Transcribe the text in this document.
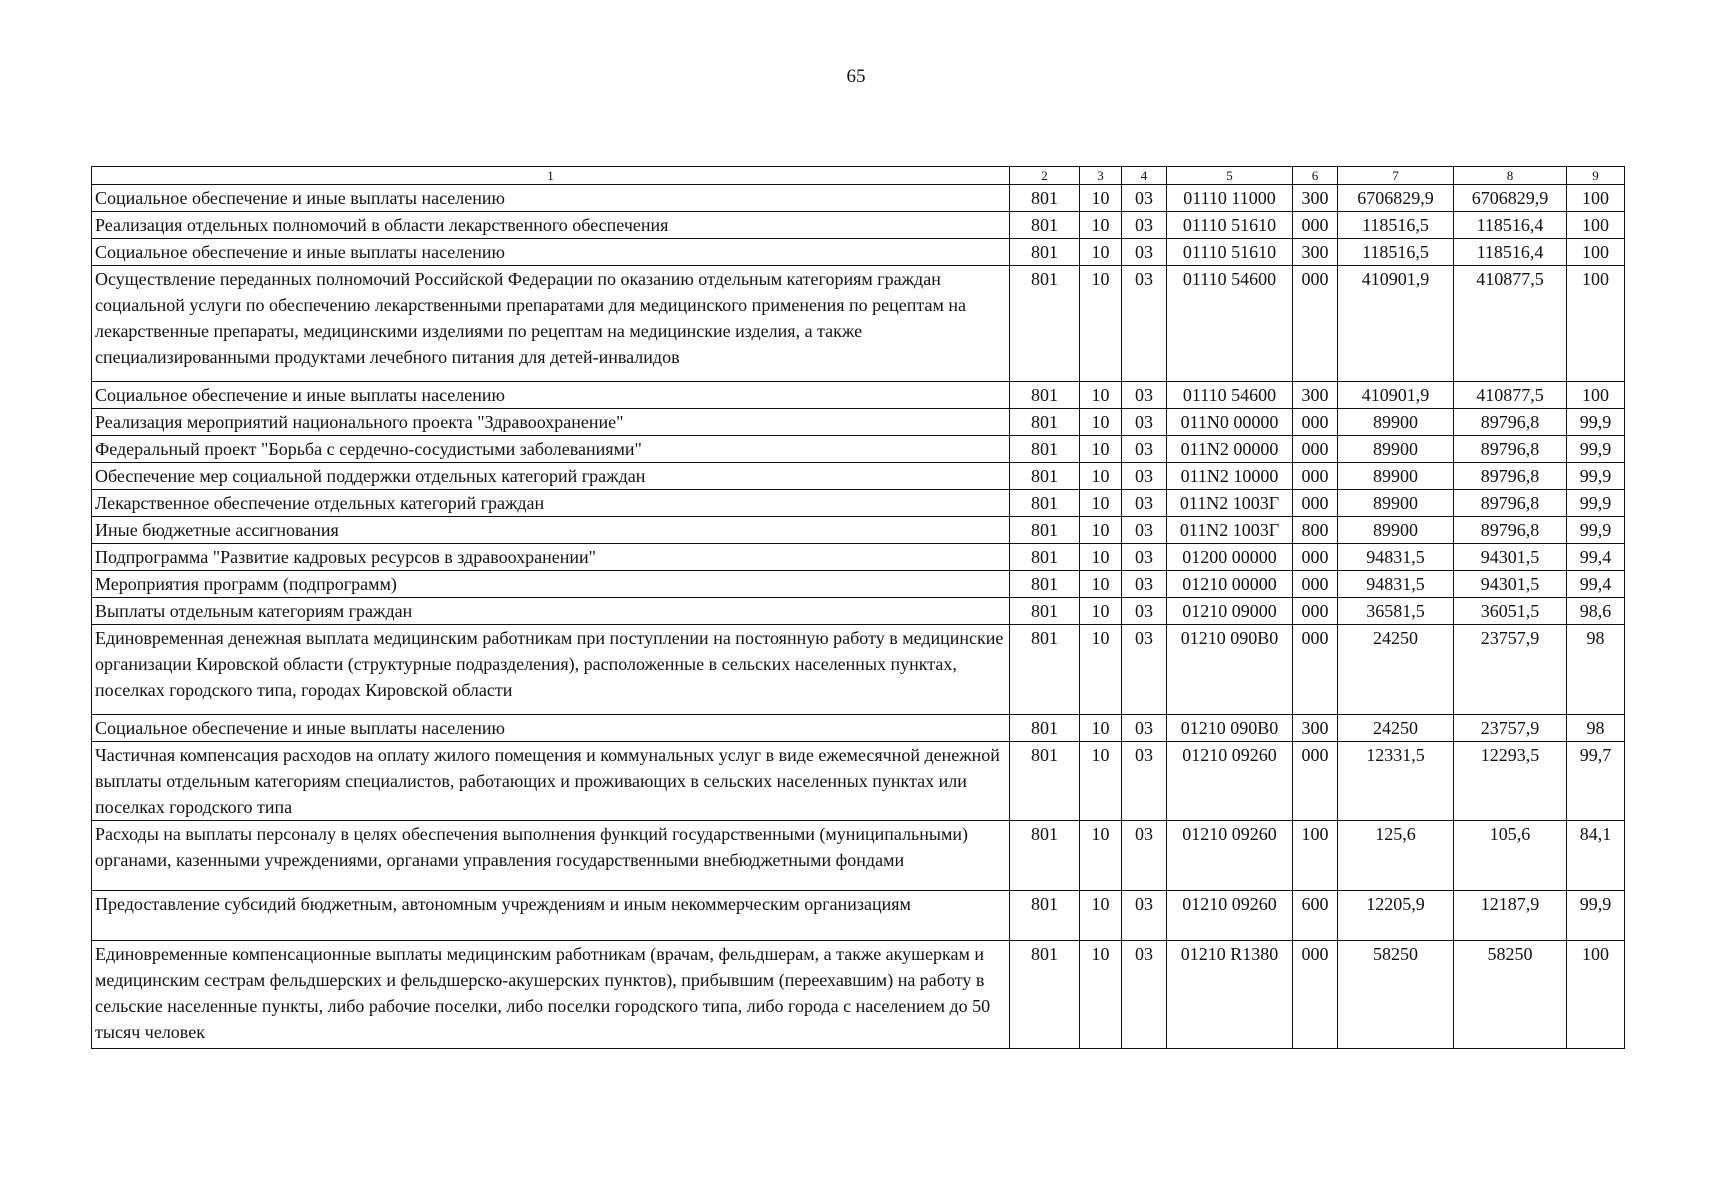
65
1	2	3	4	5	6	7	8	9
Социальное обеспечение и иные выплаты населению	801	10	03	01110 11000	300	6706829,9	6706829,9	100
Реализация отдельных полномочий в области лекарственного обеспечения	801	10	03	01110 51610	000	118516,5	118516,4	100
Социальное обеспечение и иные выплаты населению	801	10	03	01110 51610	300	118516,5	118516,4	100
Осуществление переданных полномочий Российской Федерации по оказанию отдельным категориям граждан социальной услуги по обеспечению лекарственными препаратами для медицинского применения по рецептам на лекарственные препараты, медицинскими изделиями по рецептам на медицинские изделия, а также специализированными продуктами лечебного питания для детей-инвалидов	801	10	03	01110 54600	000	410901,9	410877,5	100
Социальное обеспечение и иные выплаты населению	801	10	03	01110 54600	300	410901,9	410877,5	100
Реализация мероприятий национального проекта "Здравоохранение"	801	10	03	011N0 00000	000	89900	89796,8	99,9
Федеральный проект "Борьба с сердечно-сосудистыми заболеваниями"	801	10	03	011N2 00000	000	89900	89796,8	99,9
Обеспечение мер социальной поддержки отдельных категорий граждан	801	10	03	011N2 10000	000	89900	89796,8	99,9
Лекарственное обеспечение отдельных категорий граждан	801	10	03	011N2 1003Г	000	89900	89796,8	99,9
Иные бюджетные ассигнования	801	10	03	011N2 1003Г	800	89900	89796,8	99,9
Подпрограмма "Развитие кадровых ресурсов в здравоохранении"	801	10	03	01200 00000	000	94831,5	94301,5	99,4
Мероприятия программ (подпрограмм)	801	10	03	01210 00000	000	94831,5	94301,5	99,4
Выплаты отдельным категориям граждан	801	10	03	01210 09000	000	36581,5	36051,5	98,6
Единовременная денежная выплата медицинским работникам при поступлении на постоянную работу в медицинские организации Кировской области (структурные подразделения), расположенные в сельских населенных пунктах, поселках городского типа, городах Кировской области	801	10	03	01210 090В0	000	24250	23757,9	98
Социальное обеспечение и иные выплаты населению	801	10	03	01210 090В0	300	24250	23757,9	98
Частичная компенсация расходов на оплату жилого помещения и коммунальных услуг в виде ежемесячной денежной выплаты отдельным категориям специалистов, работающих и проживающих в сельских населенных пунктах или поселках городского типа	801	10	03	01210 09260	000	12331,5	12293,5	99,7
Расходы на выплаты персоналу в целях обеспечения выполнения функций государственными (муниципальными) органами, казенными учреждениями, органами управления государственными внебюджетными фондами	801	10	03	01210 09260	100	125,6	105,6	84,1
Предоставление субсидий бюджетным, автономным учреждениям и иным некоммерческим организациям	801	10	03	01210 09260	600	12205,9	12187,9	99,9
Единовременные компенсационные выплаты медицинским работникам (врачам, фельдшерам, а также акушеркам и медицинским сестрам фельдшерских и фельдшерско-акушерских пунктов), прибывшим (переехавшим) на работу в сельские населенные пункты, либо рабочие поселки, либо поселки городского типа, либо города с населением до 50 тысяч человек	801	10	03	01210 R1380	000	58250	58250	100
